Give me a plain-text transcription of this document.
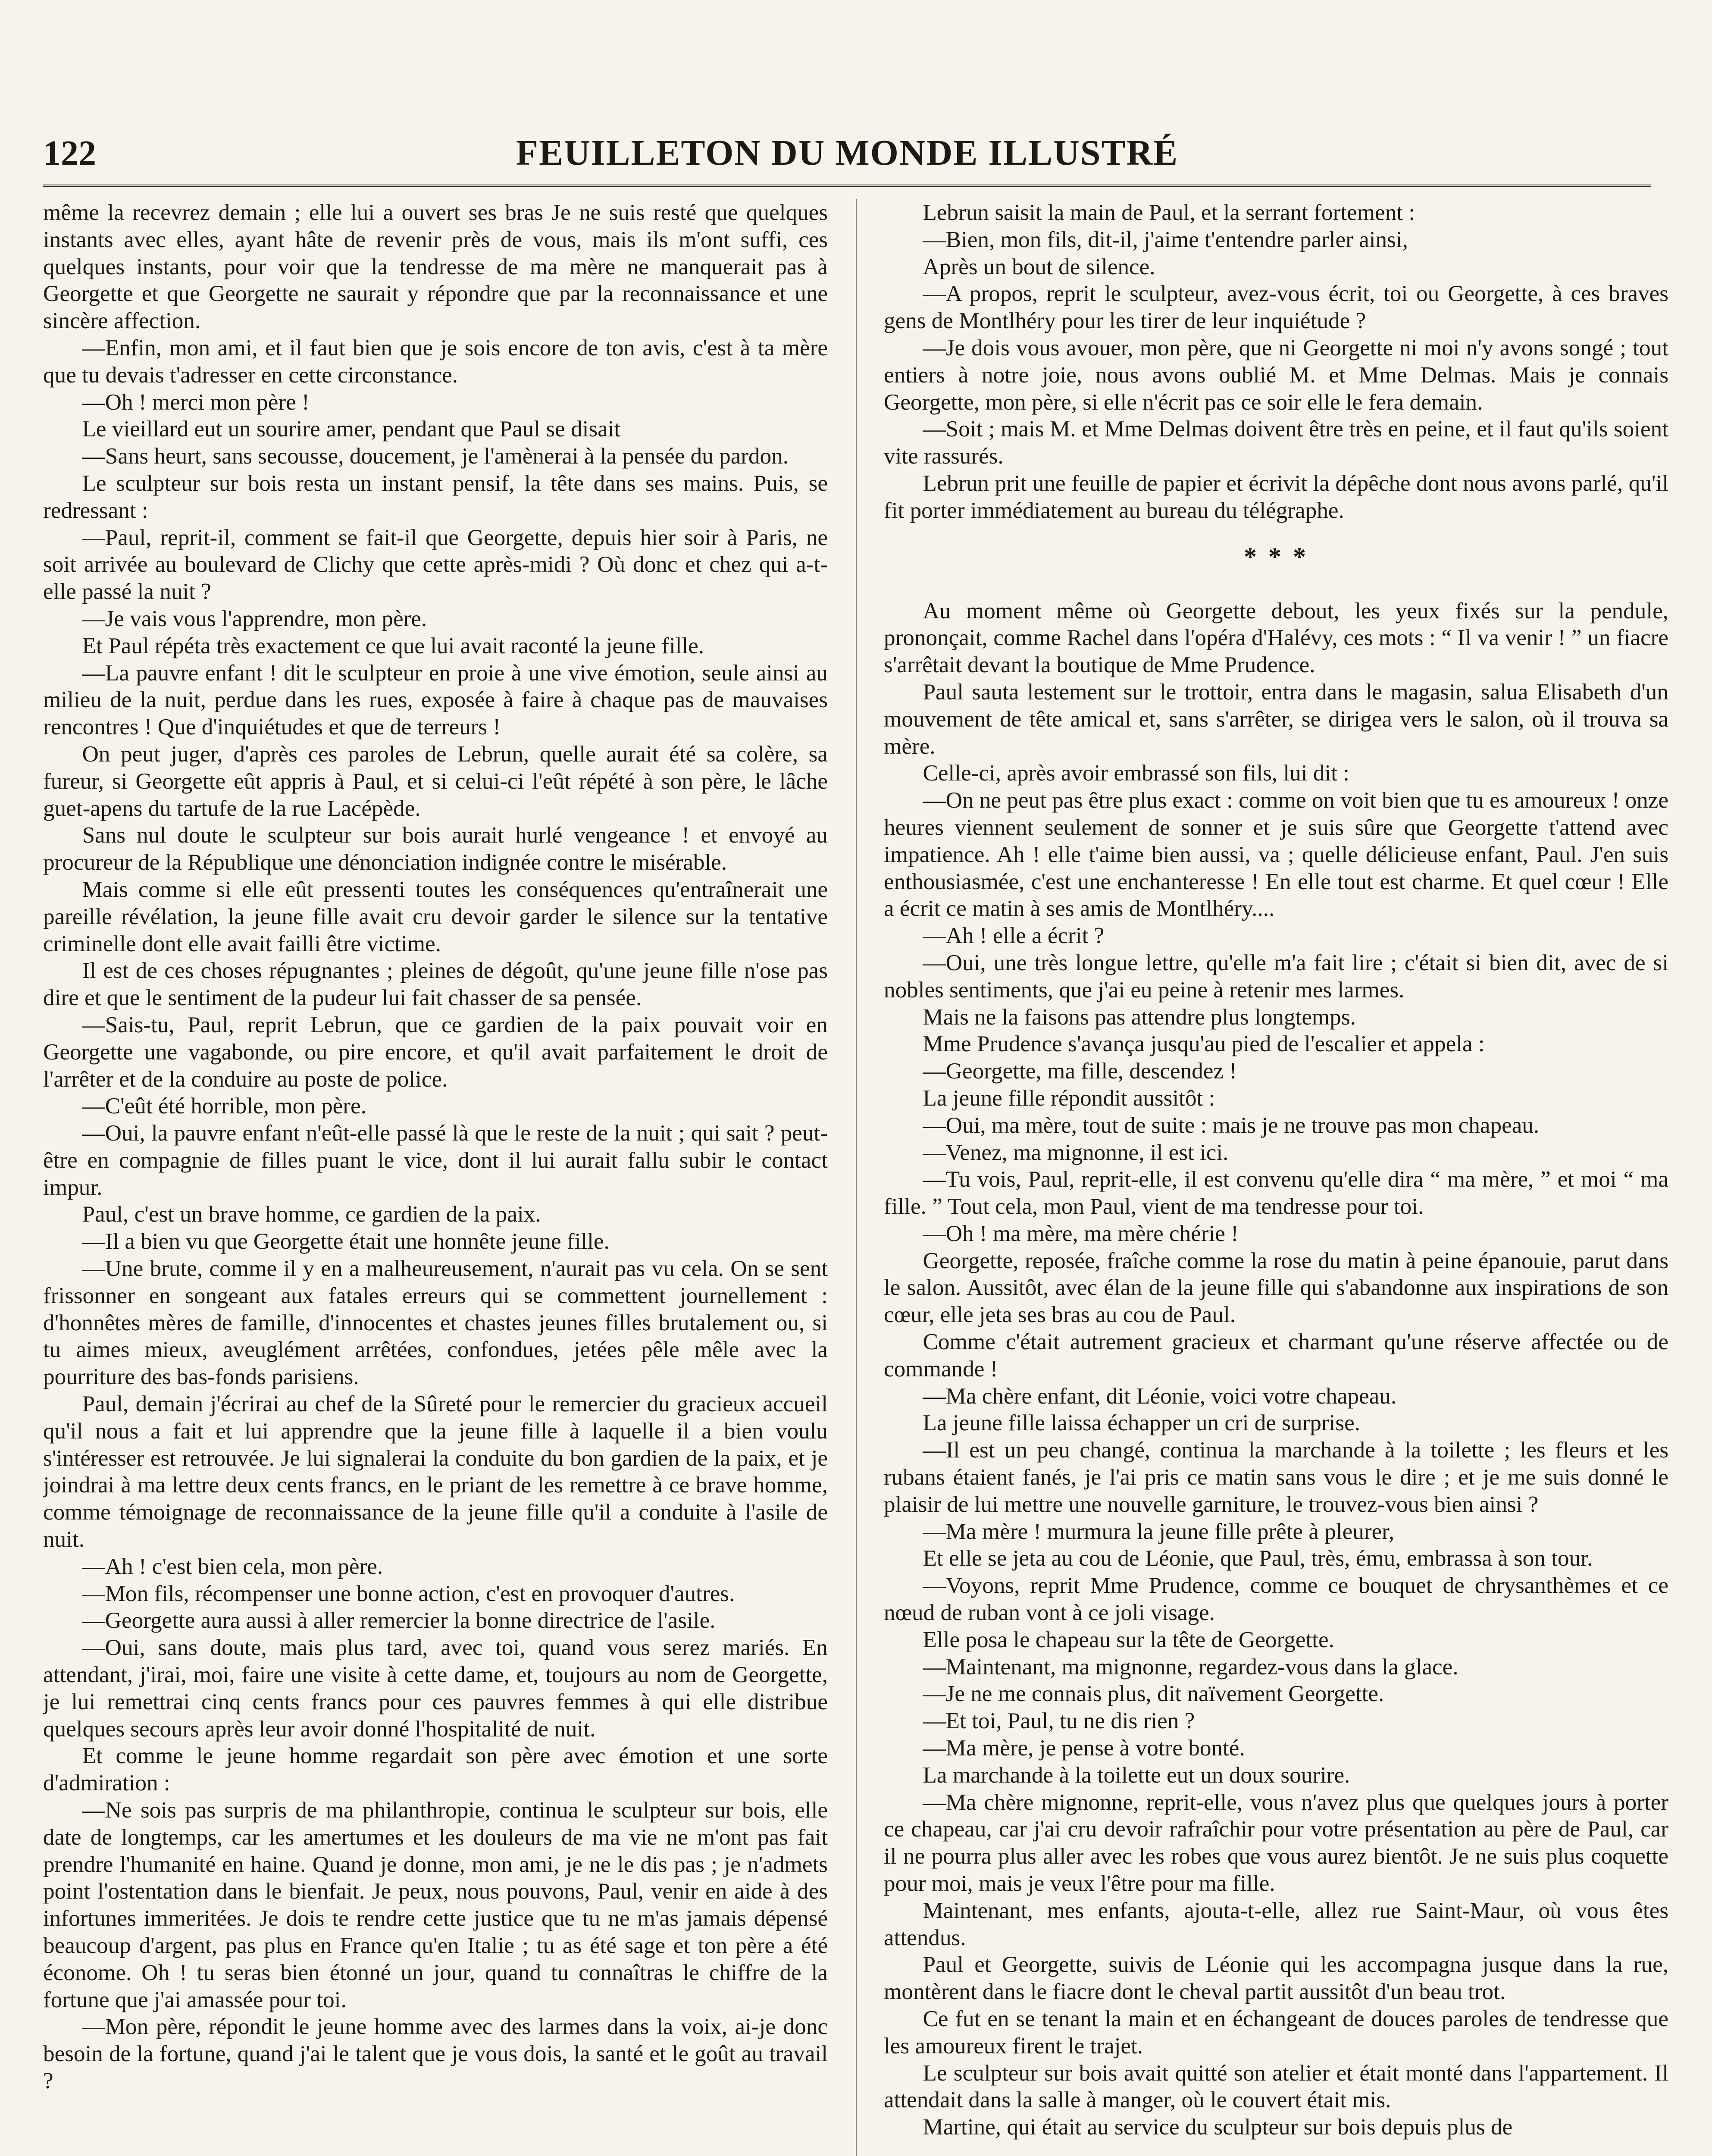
122	FEUILLETON DU MONDE ILLUSTRÉ

même la recevrez demain ; elle lui a ouvert ses bras Je ne suis resté que quelques instants avec elles, ayant hâte de revenir près de vous, mais ils m'ont suffi, ces quelques instants, pour voir que la tendresse de ma mère ne manquerait pas à Georgette et que Georgette ne saurait y répondre que par la reconnaissance et une sincère affection.

—Enfin, mon ami, et il faut bien que je sois encore de ton avis, c'est à ta mère que tu devais t'adresser en cette circonstance.

—Oh ! merci mon père !

Le vieillard eut un sourire amer, pendant que Paul se disait

—Sans heurt, sans secousse, doucement, je l'amènerai à la pensée du pardon.

Le sculpteur sur bois resta un instant pensif, la tête dans ses mains. Puis, se redressant :

—Paul, reprit-il, comment se fait-il que Georgette, depuis hier soir à Paris, ne soit arrivée au boulevard de Clichy que cette après-midi ? Où donc et chez qui a-t-elle passé la nuit ?

—Je vais vous l'apprendre, mon père.

Et Paul répéta très exactement ce que lui avait raconté la jeune fille.

—La pauvre enfant ! dit le sculpteur en proie à une vive émotion, seule ainsi au milieu de la nuit, perdue dans les rues, exposée à faire à chaque pas de mauvaises rencontres ! Que d'inquiétudes et que de terreurs !

On peut juger, d'après ces paroles de Lebrun, quelle aurait été sa colère, sa fureur, si Georgette eût appris à Paul, et si celui-ci l'eût répété à son père, le lâche guet-apens du tartufe de la rue Lacépède.

Sans nul doute le sculpteur sur bois aurait hurlé vengeance ! et envoyé au procureur de la République une dénonciation indignée contre le misérable.

Mais comme si elle eût pressenti toutes les conséquences qu'entraînerait une pareille révélation, la jeune fille avait cru devoir garder le silence sur la tentative criminelle dont elle avait failli être victime.

Il est de ces choses répugnantes ; pleines de dégoût, qu'une jeune fille n'ose pas dire et que le sentiment de la pudeur lui fait chasser de sa pensée.

—Sais-tu, Paul, reprit Lebrun, que ce gardien de la paix pouvait voir en Georgette une vagabonde, ou pire encore, et qu'il avait parfaitement le droit de l'arrêter et de la conduire au poste de police.

—C'eût été horrible, mon père.

—Oui, la pauvre enfant n'eût-elle passé là que le reste de la nuit ; qui sait ? peut-être en compagnie de filles puant le vice, dont il lui aurait fallu subir le contact impur.

Paul, c'est un brave homme, ce gardien de la paix.

—Il a bien vu que Georgette était une honnête jeune fille.

—Une brute, comme il y en a malheureusement, n'aurait pas vu cela. On se sent frissonner en songeant aux fatales erreurs qui se commettent journellement : d'honnêtes mères de famille, d'innocentes et chastes jeunes filles brutalement ou, si tu aimes mieux, aveuglément arrêtées, confondues, jetées pêle mêle avec la pourriture des bas-fonds parisiens.

Paul, demain j'écrirai au chef de la Sûreté pour le remercier du gracieux accueil qu'il nous a fait et lui apprendre que la jeune fille à laquelle il a bien voulu s'intéresser est retrouvée. Je lui signalerai la conduite du bon gardien de la paix, et je joindrai à ma lettre deux cents francs, en le priant de les remettre à ce brave homme, comme témoignage de reconnaissance de la jeune fille qu'il a conduite à l'asile de nuit.

—Ah ! c'est bien cela, mon père.

—Mon fils, récompenser une bonne action, c'est en provoquer d'autres.

—Georgette aura aussi à aller remercier la bonne directrice de l'asile.

—Oui, sans doute, mais plus tard, avec toi, quand vous serez mariés. En attendant, j'irai, moi, faire une visite à cette dame, et, toujours au nom de Georgette, je lui remettrai cinq cents francs pour ces pauvres femmes à qui elle distribue quelques secours après leur avoir donné l'hospitalité de nuit.

Et comme le jeune homme regardait son père avec émotion et une sorte d'admiration :

—Ne sois pas surpris de ma philanthropie, continua le sculpteur sur bois, elle date de longtemps, car les amertumes et les douleurs de ma vie ne m'ont pas fait prendre l'humanité en haine. Quand je donne, mon ami, je ne le dis pas ; je n'admets point l'ostentation dans le bienfait. Je peux, nous pouvons, Paul, venir en aide à des infortunes immeritées. Je dois te rendre cette justice que tu ne m'as jamais dépensé beaucoup d'argent, pas plus en France qu'en Italie ; tu as été sage et ton père a été économe. Oh ! tu seras bien étonné un jour, quand tu connaîtras le chiffre de la fortune que j'ai amassée pour toi.

—Mon père, répondit le jeune homme avec des larmes dans la voix, ai-je donc besoin de la fortune, quand j'ai le talent que je vous dois, la santé et le goût au travail ?

Lebrun saisit la main de Paul, et la serrant fortement :

—Bien, mon fils, dit-il, j'aime t'entendre parler ainsi,

Après un bout de silence.

—A propos, reprit le sculpteur, avez-vous écrit, toi ou Georgette, à ces braves gens de Montlhéry pour les tirer de leur inquiétude ?

—Je dois vous avouer, mon père, que ni Georgette ni moi n'y avons songé ; tout entiers à notre joie, nous avons oublié M. et Mme Delmas. Mais je connais Georgette, mon père, si elle n'écrit pas ce soir elle le fera demain.

—Soit ; mais M. et Mme Delmas doivent être très en peine, et il faut qu'ils soient vite rassurés.

Lebrun prit une feuille de papier et écrivit la dépêche dont nous avons parlé, qu'il fit porter immédiatement au bureau du télégraphe.

* * *

Au moment même où Georgette debout, les yeux fixés sur la pendule, prononçait, comme Rachel dans l'opéra d'Halévy, ces mots : “ Il va venir ! ” un fiacre s'arrêtait devant la boutique de Mme Prudence.

Paul sauta lestement sur le trottoir, entra dans le magasin, salua Elisabeth d'un mouvement de tête amical et, sans s'arrêter, se dirigea vers le salon, où il trouva sa mère.

Celle-ci, après avoir embrassé son fils, lui dit :

—On ne peut pas être plus exact : comme on voit bien que tu es amoureux ! onze heures viennent seulement de sonner et je suis sûre que Georgette t'attend avec impatience. Ah ! elle t'aime bien aussi, va ; quelle délicieuse enfant, Paul. J'en suis enthousiasmée, c'est une enchanteresse ! En elle tout est charme. Et quel cœur ! Elle a écrit ce matin à ses amis de Montlhéry....

—Ah ! elle a écrit ?

—Oui, une très longue lettre, qu'elle m'a fait lire ; c'était si bien dit, avec de si nobles sentiments, que j'ai eu peine à retenir mes larmes.

Mais ne la faisons pas attendre plus longtemps.

Mme Prudence s'avança jusqu'au pied de l'escalier et appela :

—Georgette, ma fille, descendez !

La jeune fille répondit aussitôt :

—Oui, ma mère, tout de suite : mais je ne trouve pas mon chapeau.

—Venez, ma mignonne, il est ici.

—Tu vois, Paul, reprit-elle, il est convenu qu'elle dira “ ma mère, ” et moi “ ma fille. ” Tout cela, mon Paul, vient de ma tendresse pour toi.

—Oh ! ma mère, ma mère chérie !

Georgette, reposée, fraîche comme la rose du matin à peine épanouie, parut dans le salon. Aussitôt, avec élan de la jeune fille qui s'abandonne aux inspirations de son cœur, elle jeta ses bras au cou de Paul.

Comme c'était autrement gracieux et charmant qu'une réserve affectée ou de commande !

—Ma chère enfant, dit Léonie, voici votre chapeau.

La jeune fille laissa échapper un cri de surprise.

—Il est un peu changé, continua la marchande à la toilette ; les fleurs et les rubans étaient fanés, je l'ai pris ce matin sans vous le dire ; et je me suis donné le plaisir de lui mettre une nouvelle garniture, le trouvez-vous bien ainsi ?

—Ma mère ! murmura la jeune fille prête à pleurer,

Et elle se jeta au cou de Léonie, que Paul, très, ému, embrassa à son tour.

—Voyons, reprit Mme Prudence, comme ce bouquet de chrysanthèmes et ce nœud de ruban vont à ce joli visage.

Elle posa le chapeau sur la tête de Georgette.

—Maintenant, ma mignonne, regardez-vous dans la glace.

—Je ne me connais plus, dit naïvement Georgette.

—Et toi, Paul, tu ne dis rien ?

—Ma mère, je pense à votre bonté.

La marchande à la toilette eut un doux sourire.

—Ma chère mignonne, reprit-elle, vous n'avez plus que quelques jours à porter ce chapeau, car j'ai cru devoir rafraîchir pour votre présentation au père de Paul, car il ne pourra plus aller avec les robes que vous aurez bientôt. Je ne suis plus coquette pour moi, mais je veux l'être pour ma fille.

Maintenant, mes enfants, ajouta-t-elle, allez rue Saint-Maur, où vous êtes attendus.

Paul et Georgette, suivis de Léonie qui les accompagna jusque dans la rue, montèrent dans le fiacre dont le cheval partit aussitôt d'un beau trot.

Ce fut en se tenant la main et en échangeant de douces paroles de tendresse que les amoureux firent le trajet.

Le sculpteur sur bois avait quitté son atelier et était monté dans l'appartement. Il attendait dans la salle à manger, où le couvert était mis.

Martine, qui était au service du sculpteur sur bois depuis plus de
